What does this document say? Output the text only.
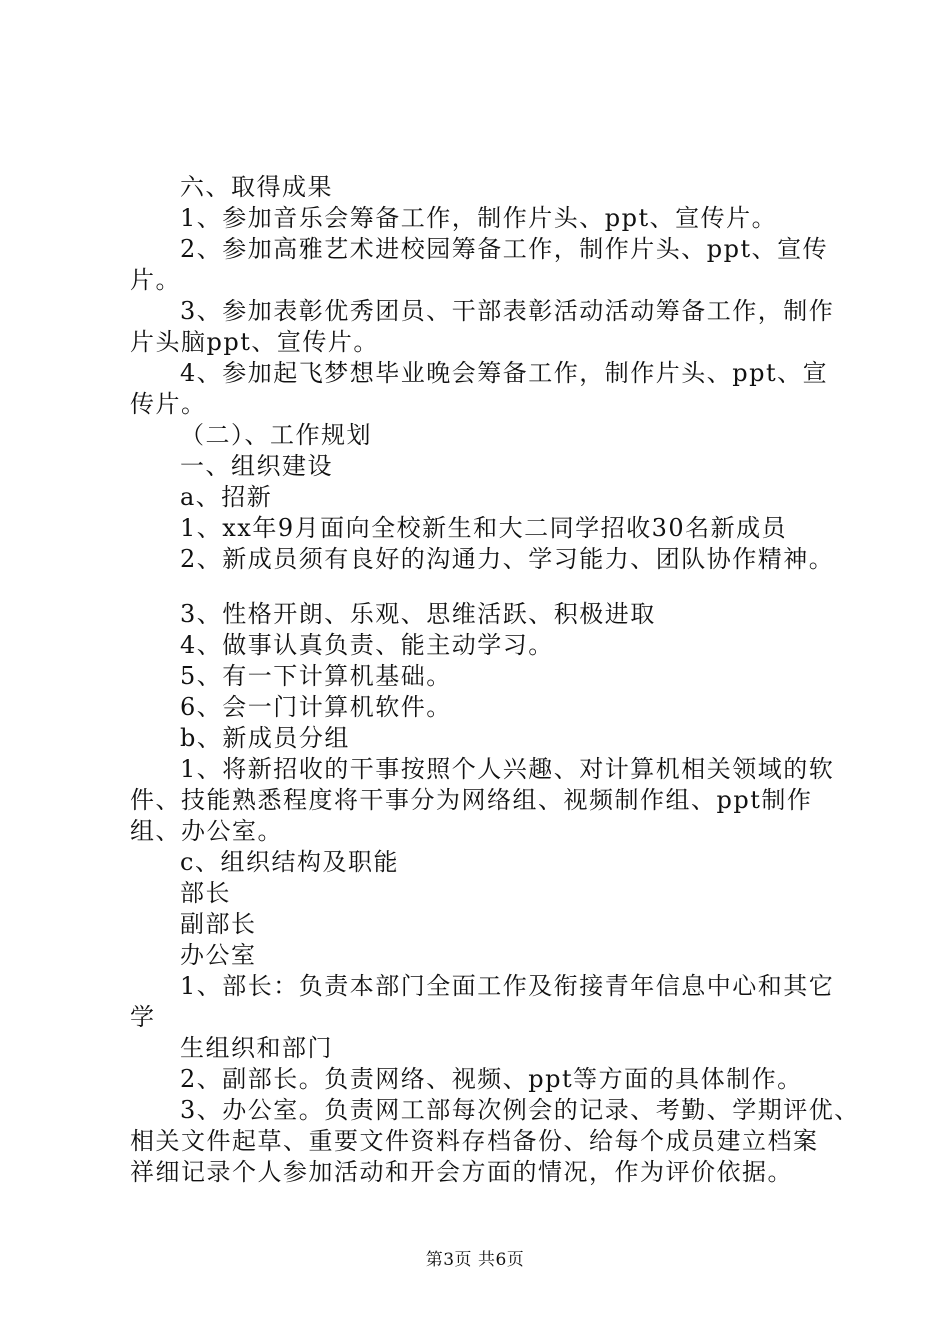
六、取得成果
1、参加音乐会筹备工作，制作片头、ppt、宣传片。
2、参加高雅艺术进校园筹备工作，制作片头、ppt、宣传
片。
3、参加表彰优秀团员、干部表彰活动活动筹备工作，制作
片头脑ppt、宣传片。
4、参加起飞梦想毕业晚会筹备工作，制作片头、ppt、宣
传片。
（二）、工作规划
一、组织建设
a、招新
1、xx年9月面向全校新生和大二同学招收30名新成员
2、新成员须有良好的沟通力、学习能力、团队协作精神。
3、性格开朗、乐观、思维活跃、积极进取
4、做事认真负责、能主动学习。
5、有一下计算机基础。
6、会一门计算机软件。
b、新成员分组
1、将新招收的干事按照个人兴趣、对计算机相关领域的软
件、技能熟悉程度将干事分为网络组、视频制作组、ppt制作
组、办公室。
c、组织结构及职能
部长
副部长
办公室
1、部长：负责本部门全面工作及衔接青年信息中心和其它
学
生组织和部门
2、副部长。负责网络、视频、ppt等方面的具体制作。
3、办公室。负责网工部每次例会的记录、考勤、学期评优、
相关文件起草、重要文件资料存档备份、给每个成员建立档案
祥细记录个人参加活动和开会方面的情况，作为评价依据。
第3页 共6页
